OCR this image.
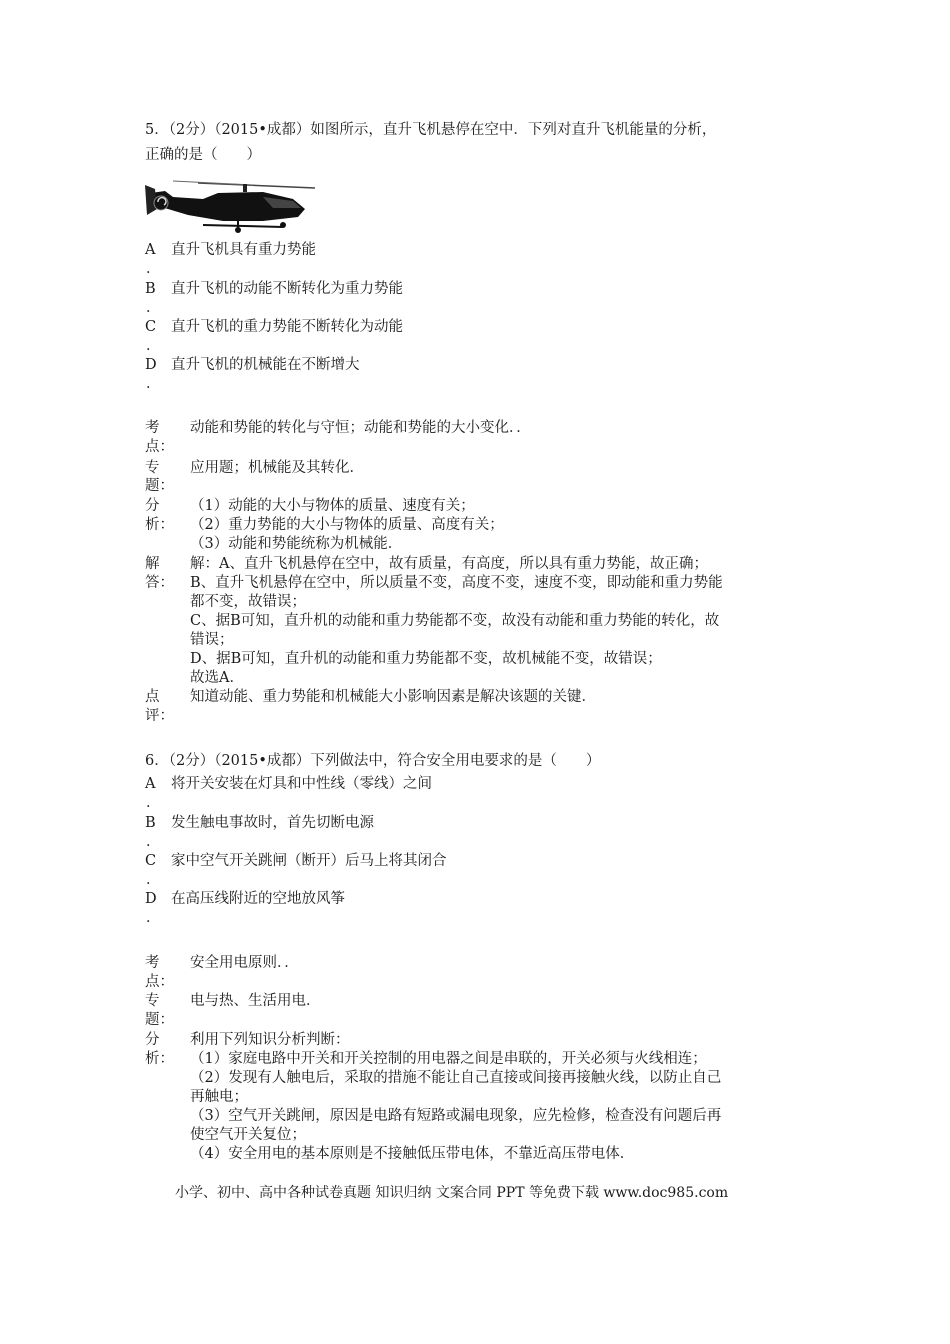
5．（2分）（2015•成都）如图所示，直升飞机悬停在空中．下列对直升飞机能量的分析，
正确的是（　　）
A 直升飞机具有重力势能
．
B 直升飞机的动能不断转化为重力势能
．
C 直升飞机的重力势能不断转化为动能
．
D 直升飞机的机械能在不断增大
．
考
点：
动能和势能的转化与守恒；动能和势能的大小变化．．
专
题：
应用题；机械能及其转化．
分
析：
（1）动能的大小与物体的质量、速度有关；
（2）重力势能的大小与物体的质量、高度有关；
（3）动能和势能统称为机械能．
解
答：
解：A、直升飞机悬停在空中，故有质量，有高度，所以具有重力势能，故正确；
B、直升飞机悬停在空中，所以质量不变，高度不变，速度不变，即动能和重力势能
都不变，故错误；
C、据B可知，直升机的动能和重力势能都不变，故没有动能和重力势能的转化，故
错误；
D、据B可知，直升机的动能和重力势能都不变，故机械能不变，故错误；
故选A．
点
评：
知道动能、重力势能和机械能大小影响因素是解决该题的关键．
6．（2分）（2015•成都）下列做法中，符合安全用电要求的是（　　）
A 将开关安装在灯具和中性线（零线）之间
．
B 发生触电事故时，首先切断电源
．
C 家中空气开关跳闸（断开）后马上将其闭合
．
D 在高压线附近的空地放风筝
．
考
点：
安全用电原则．．
专
题：
电与热、生活用电．
分
析：
利用下列知识分析判断：
（1）家庭电路中开关和开关控制的用电器之间是串联的，开关必须与火线相连；
（2）发现有人触电后，采取的措施不能让自己直接或间接再接触火线，以防止自己
再触电；
（3）空气开关跳闸，原因是电路有短路或漏电现象，应先检修，检查没有问题后再
使空气开关复位；
（4）安全用电的基本原则是不接触低压带电体，不靠近高压带电体．
小学、初中、高中各种试卷真题 知识归纳 文案合同 PPT 等免费下载 www.doc985.com
